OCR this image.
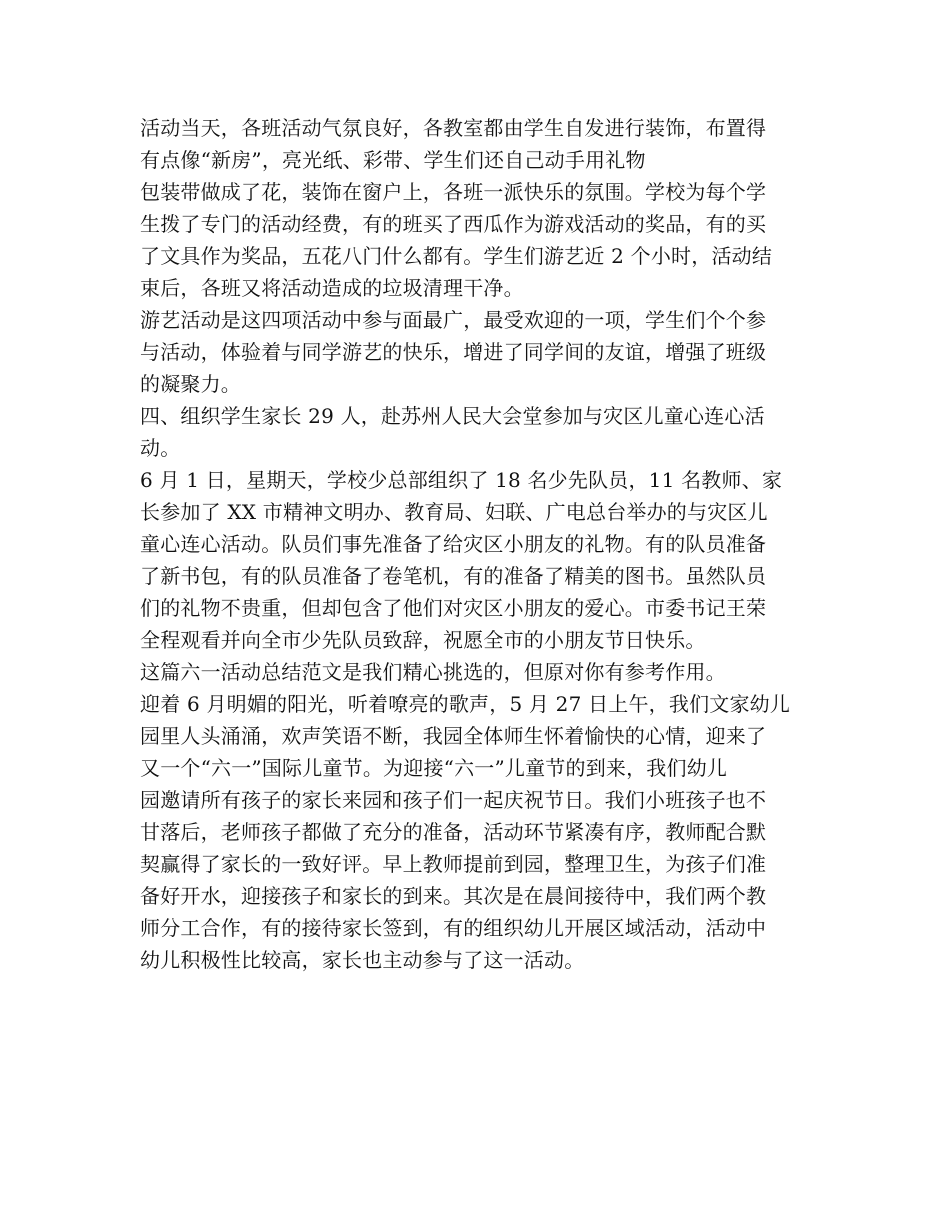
活动当天，各班活动气氛良好，各教室都由学生自发进行装饰，布置得
有点像“新房”，亮光纸、彩带、学生们还自己动手用礼物
包装带做成了花，装饰在窗户上，各班一派快乐的氛围。学校为每个学
生拨了专门的活动经费，有的班买了西瓜作为游戏活动的奖品，有的买
了文具作为奖品，五花八门什么都有。学生们游艺近 2 个小时，活动结
束后，各班又将活动造成的垃圾清理干净。
游艺活动是这四项活动中参与面最广，最受欢迎的一项，学生们个个参
与活动，体验着与同学游艺的快乐，增进了同学间的友谊，增强了班级
的凝聚力。
四、组织学生家长 29 人，赴苏州人民大会堂参加与灾区儿童心连心活
动。
6 月 1 日，星期天，学校少总部组织了 18 名少先队员，11 名教师、家
长参加了 XX 市精神文明办、教育局、妇联、广电总台举办的与灾区儿
童心连心活动。队员们事先准备了给灾区小朋友的礼物。有的队员准备
了新书包，有的队员准备了卷笔机，有的准备了精美的图书。虽然队员
们的礼物不贵重，但却包含了他们对灾区小朋友的爱心。市委书记王荣
全程观看并向全市少先队员致辞，祝愿全市的小朋友节日快乐。
这篇六一活动总结范文是我们精心挑选的，但原对你有参考作用。
迎着 6 月明媚的阳光，听着嘹亮的歌声，5 月 27 日上午，我们文家幼儿
园里人头涌涌，欢声笑语不断，我园全体师生怀着愉快的心情，迎来了
又一个“六一”国际儿童节。为迎接“六一”儿童节的到来，我们幼儿
园邀请所有孩子的家长来园和孩子们一起庆祝节日。我们小班孩子也不
甘落后，老师孩子都做了充分的准备，活动环节紧凑有序，教师配合默
契赢得了家长的一致好评。早上教师提前到园，整理卫生，为孩子们准
备好开水，迎接孩子和家长的到来。其次是在晨间接待中，我们两个教
师分工合作，有的接待家长签到，有的组织幼儿开展区域活动，活动中
幼儿积极性比较高，家长也主动参与了这一活动。
